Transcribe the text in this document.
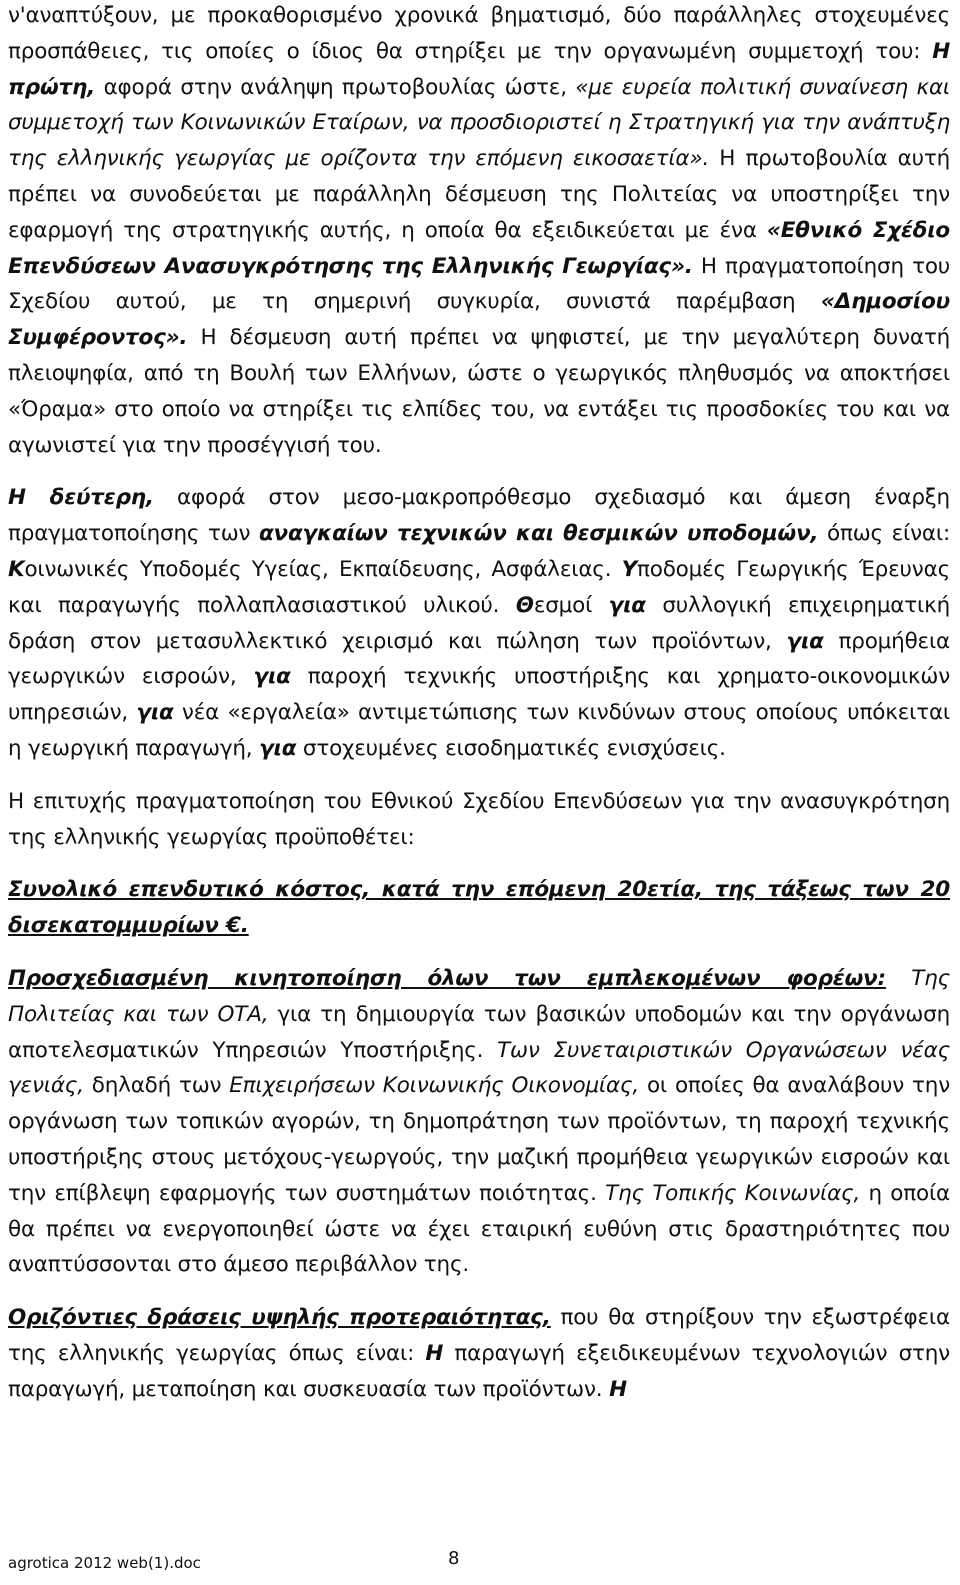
ν'αναπτύξουν, με προκαθορισμένο χρονικά βηματισμό, δύο παράλληλες στοχευμένες προσπάθειες, τις οποίες ο ίδιος θα στηρίξει με την οργανωμένη συμμετοχή του: Η πρώτη, αφορά στην ανάληψη πρωτοβουλίας ώστε, «με ευρεία πολιτική συναίνεση και συμμετοχή των Κοινωνικών Εταίρων, να προσδιοριστεί η Στρατηγική για την ανάπτυξη της ελληνικής γεωργίας με ορίζοντα την επόμενη εικοσαετία». Η πρωτοβουλία αυτή πρέπει να συνοδεύεται με παράλληλη δέσμευση της Πολιτείας να υποστηρίξει την εφαρμογή της στρατηγικής αυτής, η οποία θα εξειδικεύεται με ένα «Εθνικό Σχέδιο Επενδύσεων Ανασυγκρότησης της Ελληνικής Γεωργίας». Η πραγματοποίηση του Σχεδίου αυτού, με τη σημερινή συγκυρία, συνιστά παρέμβαση «Δημοσίου Συμφέροντος». Η δέσμευση αυτή πρέπει να ψηφιστεί, με την μεγαλύτερη δυνατή πλειοψηφία, από τη Βουλή των Ελλήνων, ώστε ο γεωργικός πληθυσμός να αποκτήσει «Όραμα» στο οποίο να στηρίξει τις ελπίδες του, να εντάξει τις προσδοκίες του και να αγωνιστεί για την προσέγγισή του.

Η δεύτερη, αφορά στον μεσο-μακροπρόθεσμο σχεδιασμό και άμεση έναρξη πραγματοποίησης των αναγκαίων τεχνικών και θεσμικών υποδομών, όπως είναι: Κοινωνικές Υποδομές Υγείας, Εκπαίδευσης, Ασφάλειας. Υποδομές Γεωργικής Έρευνας και παραγωγής πολλαπλασιαστικού υλικού. Θεσμοί για συλλογική επιχειρηματική δράση στον μετασυλλεκτικό χειρισμό και πώληση των προϊόντων, για προμήθεια γεωργικών εισροών, για παροχή τεχνικής υποστήριξης και χρηματο-οικονομικών υπηρεσιών, για νέα «εργαλεία» αντιμετώπισης των κινδύνων στους οποίους υπόκειται η γεωργική παραγωγή, για στοχευμένες εισοδηματικές ενισχύσεις.

Η επιτυχής πραγματοποίηση του Εθνικού Σχεδίου Επενδύσεων για την ανασυγκρότηση της ελληνικής γεωργίας προϋποθέτει:

Συνολικό επενδυτικό κόστος, κατά την επόμενη 20ετία, της τάξεως των 20 δισεκατομμυρίων €.

Προσχεδιασμένη κινητοποίηση όλων των εμπλεκομένων φορέων: Της Πολιτείας και των ΟΤΑ, για τη δημιουργία των βασικών υποδομών και την οργάνωση αποτελεσματικών Υπηρεσιών Υποστήριξης. Των Συνεταιριστικών Οργανώσεων νέας γενιάς, δηλαδή των Επιχειρήσεων Κοινωνικής Οικονομίας, οι οποίες θα αναλάβουν την οργάνωση των τοπικών αγορών, τη δημοπράτηση των προϊόντων, τη παροχή τεχνικής υποστήριξης στους μετόχους-γεωργούς, την μαζική προμήθεια γεωργικών εισροών και την επίβλεψη εφαρμογής των συστημάτων ποιότητας. Της Τοπικής Κοινωνίας, η οποία θα πρέπει να ενεργοποιηθεί ώστε να έχει εταιρική ευθύνη στις δραστηριότητες που αναπτύσσονται στο άμεσο περιβάλλον της.

Οριζόντιες δράσεις υψηλής προτεραιότητας, που θα στηρίξουν την εξωστρέφεια της ελληνικής γεωργίας όπως είναι: Η παραγωγή εξειδικευμένων τεχνολογιών στην παραγωγή, μεταποίηση και συσκευασία των προϊόντων. Η

agrotica 2012 web(1).doc	8
